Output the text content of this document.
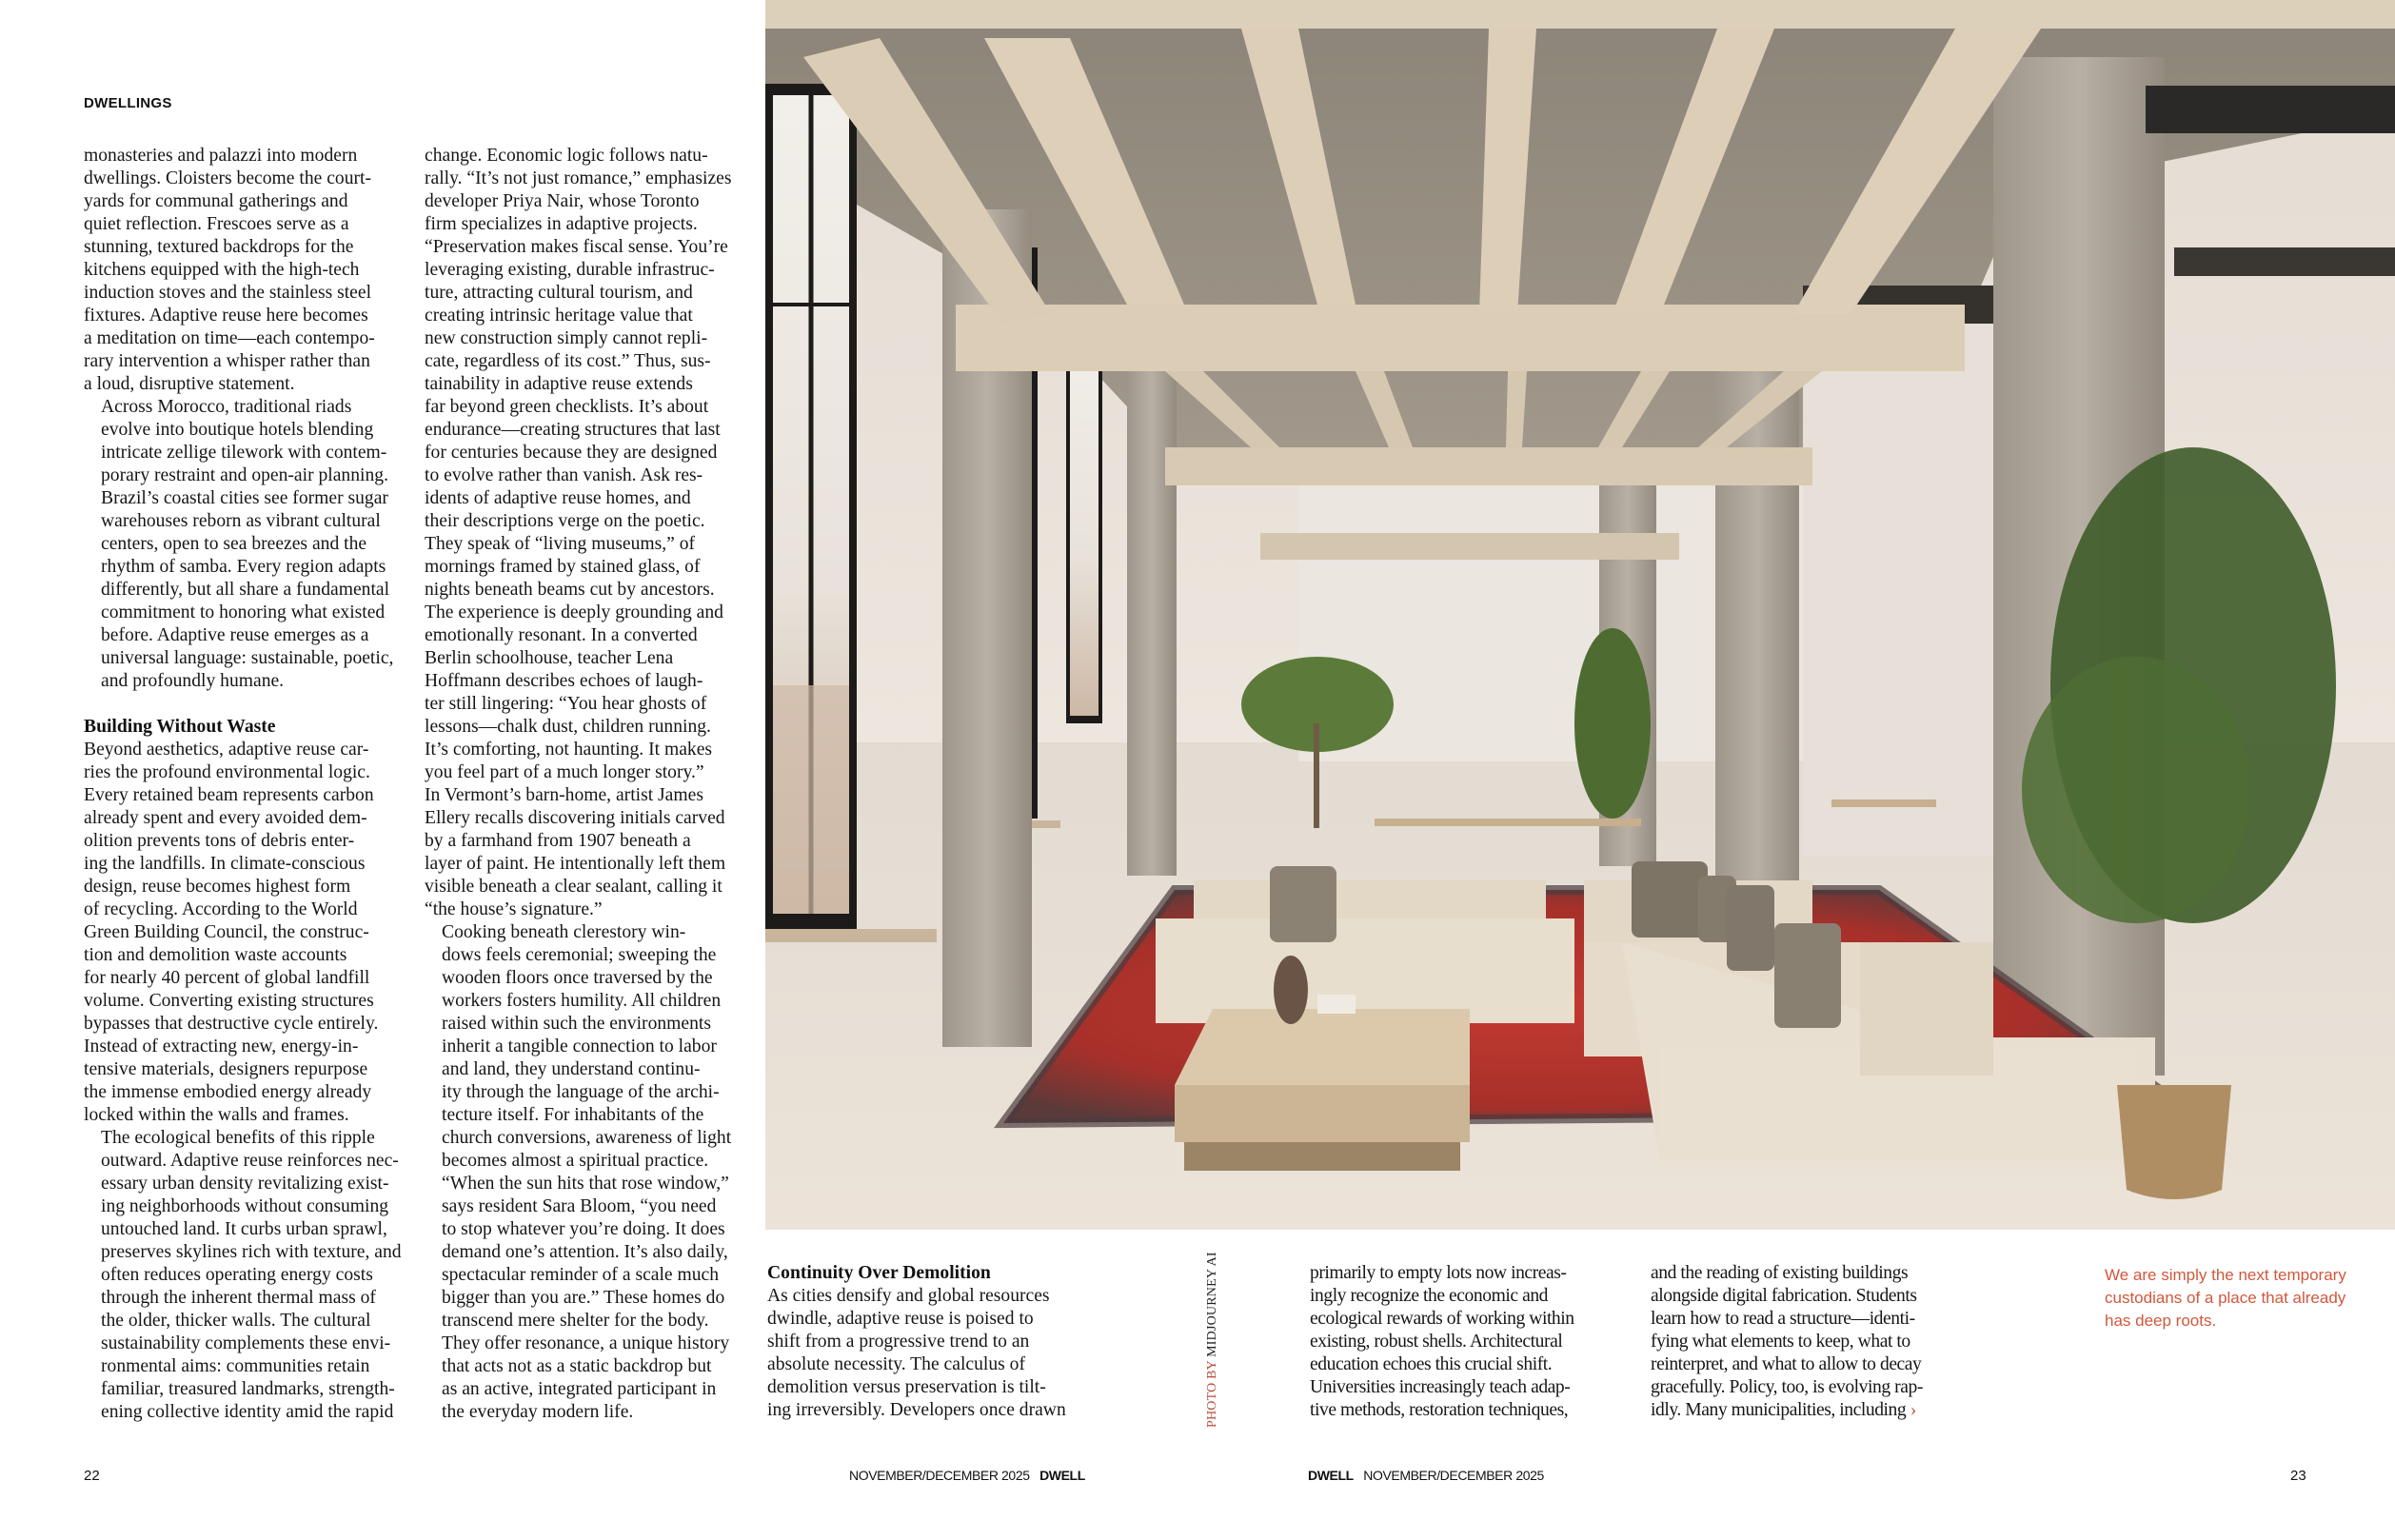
DWELLINGS

monasteries and palazzi into modern
dwellings. Cloisters become the court-
yards for communal gatherings and
quiet reflection. Frescoes serve as a
stunning, textured backdrops for the
kitchens equipped with the high-tech
induction stoves and the stainless steel
fixtures. Adaptive reuse here becomes
a meditation on time—each contempo-
rary intervention a whisper rather than
a loud, disruptive statement.

Across Morocco, traditional riads
evolve into boutique hotels blending
intricate zellige tilework with contem-
porary restraint and open-air planning.
Brazil’s coastal cities see former sugar
warehouses reborn as vibrant cultural
centers, open to sea breezes and the
rhythm of samba. Every region adapts
differently, but all share a fundamental
commitment to honoring what existed
before. Adaptive reuse emerges as a
universal language: sustainable, poetic,
and profoundly humane.

Building Without Waste

Beyond aesthetics, adaptive reuse car-
ries the profound environmental logic.
Every retained beam represents carbon
already spent and every avoided dem-
olition prevents tons of debris enter-
ing the landfills. In climate-conscious
design, reuse becomes highest form
of recycling. According to the World
Green Building Council, the construc-
tion and demolition waste accounts
for nearly 40 percent of global landfill
volume. Converting existing structures
bypasses that destructive cycle entirely.
Instead of extracting new, energy-in-
tensive materials, designers repurpose
the immense embodied energy already
locked within the walls and frames.

The ecological benefits of this ripple
outward. Adaptive reuse reinforces nec-
essary urban density revitalizing exist-
ing neighborhoods without consuming
untouched land. It curbs urban sprawl,
preserves skylines rich with texture, and
often reduces operating energy costs
through the inherent thermal mass of
the older, thicker walls. The cultural
sustainability complements these envi-
ronmental aims: communities retain
familiar, treasured landmarks, strength-
ening collective identity amid the rapid

change. Economic logic follows natu-
rally. “It’s not just romance,” emphasizes
developer Priya Nair, whose Toronto
firm specializes in adaptive projects.
“Preservation makes fiscal sense. You’re
leveraging existing, durable infrastruc-
ture, attracting cultural tourism, and
creating intrinsic heritage value that
new construction simply cannot repli-
cate, regardless of its cost.” Thus, sus-
tainability in adaptive reuse extends
far beyond green checklists. It’s about
endurance—creating structures that last
for centuries because they are designed
to evolve rather than vanish. Ask res-
idents of adaptive reuse homes, and
their descriptions verge on the poetic.
They speak of “living museums,” of
mornings framed by stained glass, of
nights beneath beams cut by ancestors.
The experience is deeply grounding and
emotionally resonant. In a converted
Berlin schoolhouse, teacher Lena
Hoffmann describes echoes of laugh-
ter still lingering: “You hear ghosts of
lessons—chalk dust, children running.
It’s comforting, not haunting. It makes
you feel part of a much longer story.”
In Vermont’s barn-home, artist James
Ellery recalls discovering initials carved
by a farmhand from 1907 beneath a
layer of paint. He intentionally left them
visible beneath a clear sealant, calling it
“the house’s signature.”

Cooking beneath clerestory win-
dows feels ceremonial; sweeping the
wooden floors once traversed by the
workers fosters humility. All children
raised within such the environments
inherit a tangible connection to labor
and land, they understand continu-
ity through the language of the archi-
tecture itself. For inhabitants of the
church conversions, awareness of light
becomes almost a spiritual practice.
“When the sun hits that rose window,”
says resident Sara Bloom, “you need
to stop whatever you’re doing. It does
demand one’s attention. It’s also daily,
spectacular reminder of a scale much
bigger than you are.” These homes do
transcend mere shelter for the body.
They offer resonance, a unique history
that acts not as a static backdrop but
as an active, integrated participant in
the everyday modern life.	PHOTO BY MIDJOURNEY AI
Continuity Over Demolition

As cities densify and global resources
dwindle, adaptive reuse is poised to
shift from a progressive trend to an
absolute necessity. The calculus of
demolition versus preservation is tilt-
ing irreversibly. Developers once drawn

primarily to empty lots now increas-
ingly recognize the economic and
ecological rewards of working within
existing, robust shells. Architectural
education echoes this crucial shift.
Universities increasingly teach adap-
tive methods, restoration techniques,

and the reading of existing buildings
alongside digital fabrication. Students
learn how to read a structure—identi-
fying what elements to keep, what to
reinterpret, and what to allow to decay
gracefully. Policy, too, is evolving rap-

idly. Many municipalities, including ›
We are simply the next temporary custodians of a place that already has deep roots.
22	NOVEMBER/DECEMBER 2025 DWELL	DWELL NOVEMBER/DECEMBER 2025	23
